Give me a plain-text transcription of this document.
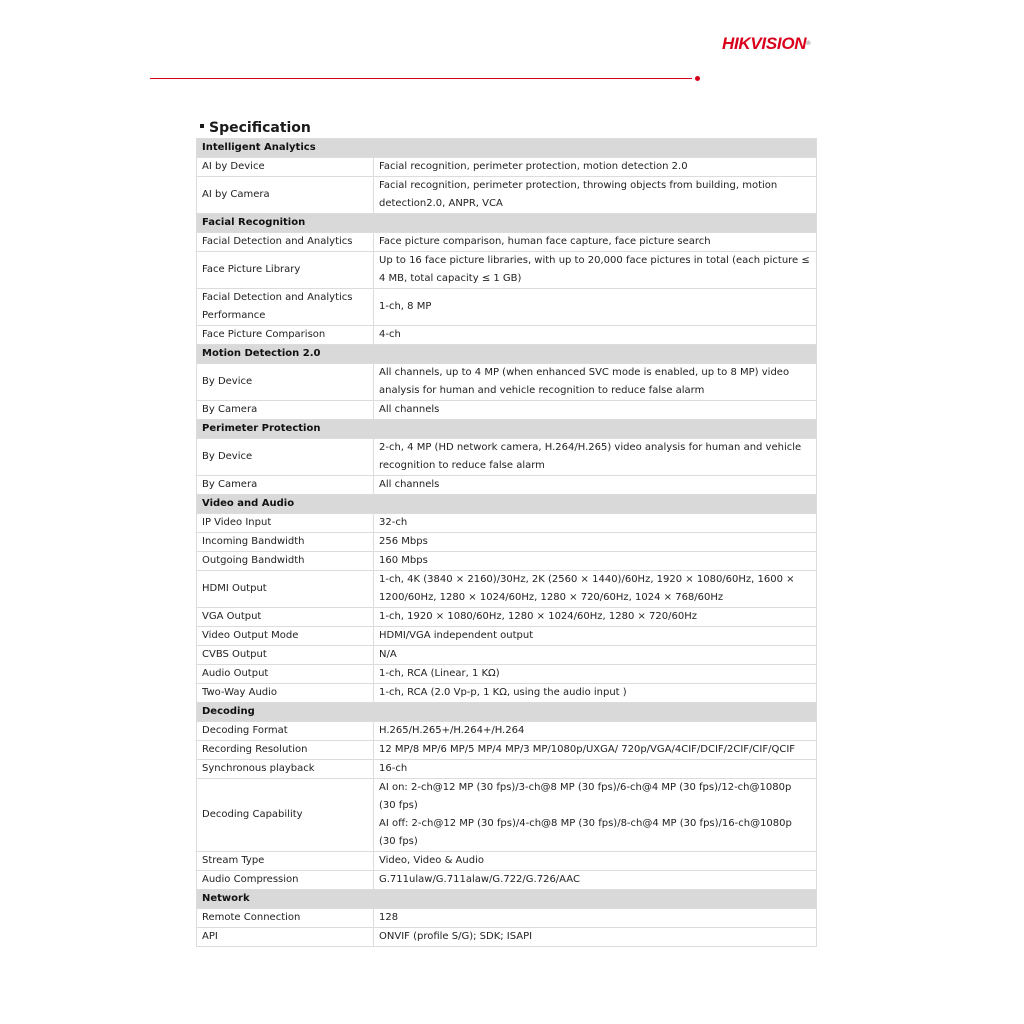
HIKVISION®
Specification
Intelligent Analytics	
AI by Device	Facial recognition, perimeter protection, motion detection 2.0
AI by Camera	Facial recognition, perimeter protection, throwing objects from building, motion detection2.0, ANPR, VCA
Facial Recognition	
Facial Detection and Analytics	Face picture comparison, human face capture, face picture search
Face Picture Library	Up to 16 face picture libraries, with up to 20,000 face pictures in total (each picture ≤ 4 MB, total capacity ≤ 1 GB)
Facial Detection and Analytics Performance	1-ch, 8 MP
Face Picture Comparison	4-ch
Motion Detection 2.0	
By Device	All channels, up to 4 MP (when enhanced SVC mode is enabled, up to 8 MP) video analysis for human and vehicle recognition to reduce false alarm
By Camera	All channels
Perimeter Protection	
By Device	2-ch, 4 MP (HD network camera, H.264/H.265) video analysis for human and vehicle recognition to reduce false alarm
By Camera	All channels
Video and Audio	
IP Video Input	32-ch
Incoming Bandwidth	256 Mbps
Outgoing Bandwidth	160 Mbps
HDMI Output	1-ch, 4K (3840 × 2160)/30Hz, 2K (2560 × 1440)/60Hz, 1920 × 1080/60Hz, 1600 × 1200/60Hz, 1280 × 1024/60Hz, 1280 × 720/60Hz, 1024 × 768/60Hz
VGA Output	1-ch, 1920 × 1080/60Hz, 1280 × 1024/60Hz, 1280 × 720/60Hz
Video Output Mode	HDMI/VGA independent output
CVBS Output	N/A
Audio Output	1-ch, RCA (Linear, 1 KΩ)
Two-Way Audio	1-ch, RCA (2.0 Vp-p, 1 KΩ, using the audio input )
Decoding	
Decoding Format	H.265/H.265+/H.264+/H.264
Recording Resolution	12 MP/8 MP/6 MP/5 MP/4 MP/3 MP/1080p/UXGA/ 720p/VGA/4CIF/DCIF/2CIF/CIF/QCIF
Synchronous playback	16-ch
Decoding Capability	AI on: 2-ch@12 MP (30 fps)/3-ch@8 MP (30 fps)/6-ch@4 MP (30 fps)/12-ch@1080p (30 fps)
AI off: 2-ch@12 MP (30 fps)/4-ch@8 MP (30 fps)/8-ch@4 MP (30 fps)/16-ch@1080p (30 fps)

Stream Type	Video, Video & Audio
Audio Compression	G.711ulaw/G.711alaw/G.722/G.726/AAC
Network	
Remote Connection	128
API	ONVIF (profile S/G); SDK; ISAPI
